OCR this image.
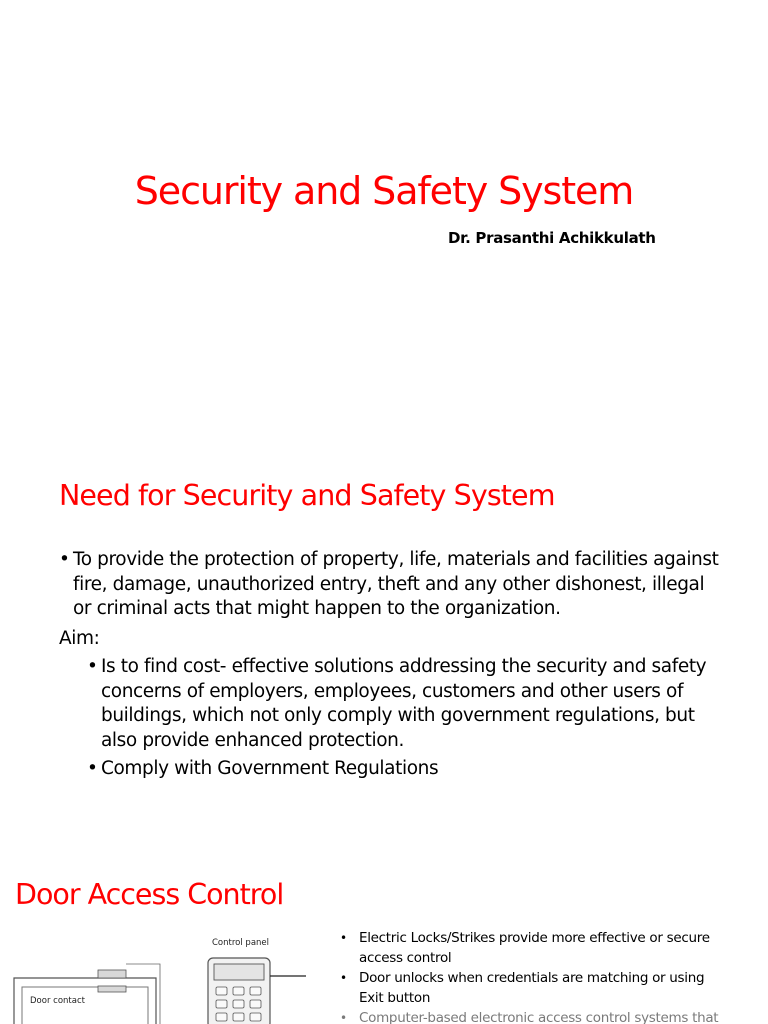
Security and Safety System
Dr. Prasanthi Achikkulath
Need for Security and Safety System
• To provide the protection of property, life, materials and facilities against fire, damage, unauthorized entry, theft and any other dishonest, illegal or criminal acts that might happen to the organization.
Aim:
• Is to find cost- effective solutions addressing the security and safety concerns of employers, employees, customers and other users of buildings, which not only comply with government regulations, but also provide enhanced protection.
• Comply with Government Regulations
Door Access Control
Control panel
Door contact
• Electric Locks/Strikes provide more effective or secure access control
• Door unlocks when credentials are matching or using Exit button
• Computer-based electronic access control systems that
